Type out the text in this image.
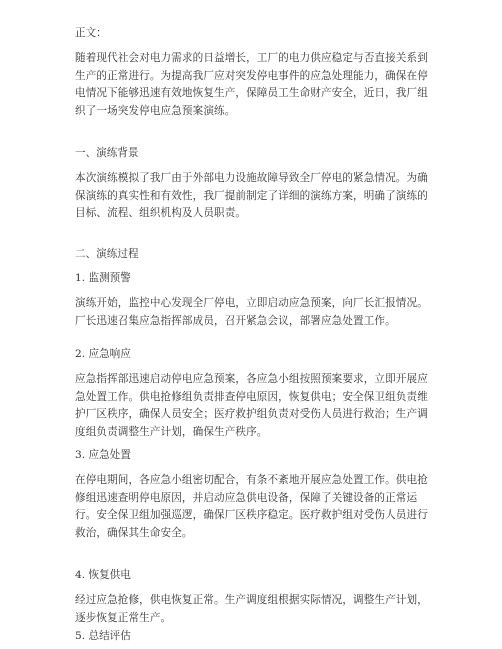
正文：

随着现代社会对电力需求的日益增长，工厂的电力供应稳定与否直接关系到生产的正常进行。为提高我厂应对突发停电事件的应急处理能力，确保在停电情况下能够迅速有效地恢复生产，保障员工生命财产安全，近日，我厂组织了一场突发停电应急预案演练。

一、演练背景

本次演练模拟了我厂由于外部电力设施故障导致全厂停电的紧急情况。为确保演练的真实性和有效性，我厂提前制定了详细的演练方案，明确了演练的目标、流程、组织机构及人员职责。

二、演练过程

1. 监测预警

演练开始，监控中心发现全厂停电，立即启动应急预案，向厂长汇报情况。厂长迅速召集应急指挥部成员，召开紧急会议，部署应急处置工作。

2. 应急响应

应急指挥部迅速启动停电应急预案，各应急小组按照预案要求，立即开展应急处置工作。供电抢修组负责排查停电原因，恢复供电；安全保卫组负责维护厂区秩序，确保人员安全；医疗救护组负责对受伤人员进行救治；生产调度组负责调整生产计划，确保生产秩序。

3. 应急处置

在停电期间，各应急小组密切配合，有条不紊地开展应急处置工作。供电抢修组迅速查明停电原因，并启动应急供电设备，保障了关键设备的正常运行。安全保卫组加强巡逻，确保厂区秩序稳定。医疗救护组对受伤人员进行救治，确保其生命安全。

4. 恢复供电

经过应急抢修，供电恢复正常。生产调度组根据实际情况，调整生产计划，逐步恢复正常生产。

5. 总结评估
